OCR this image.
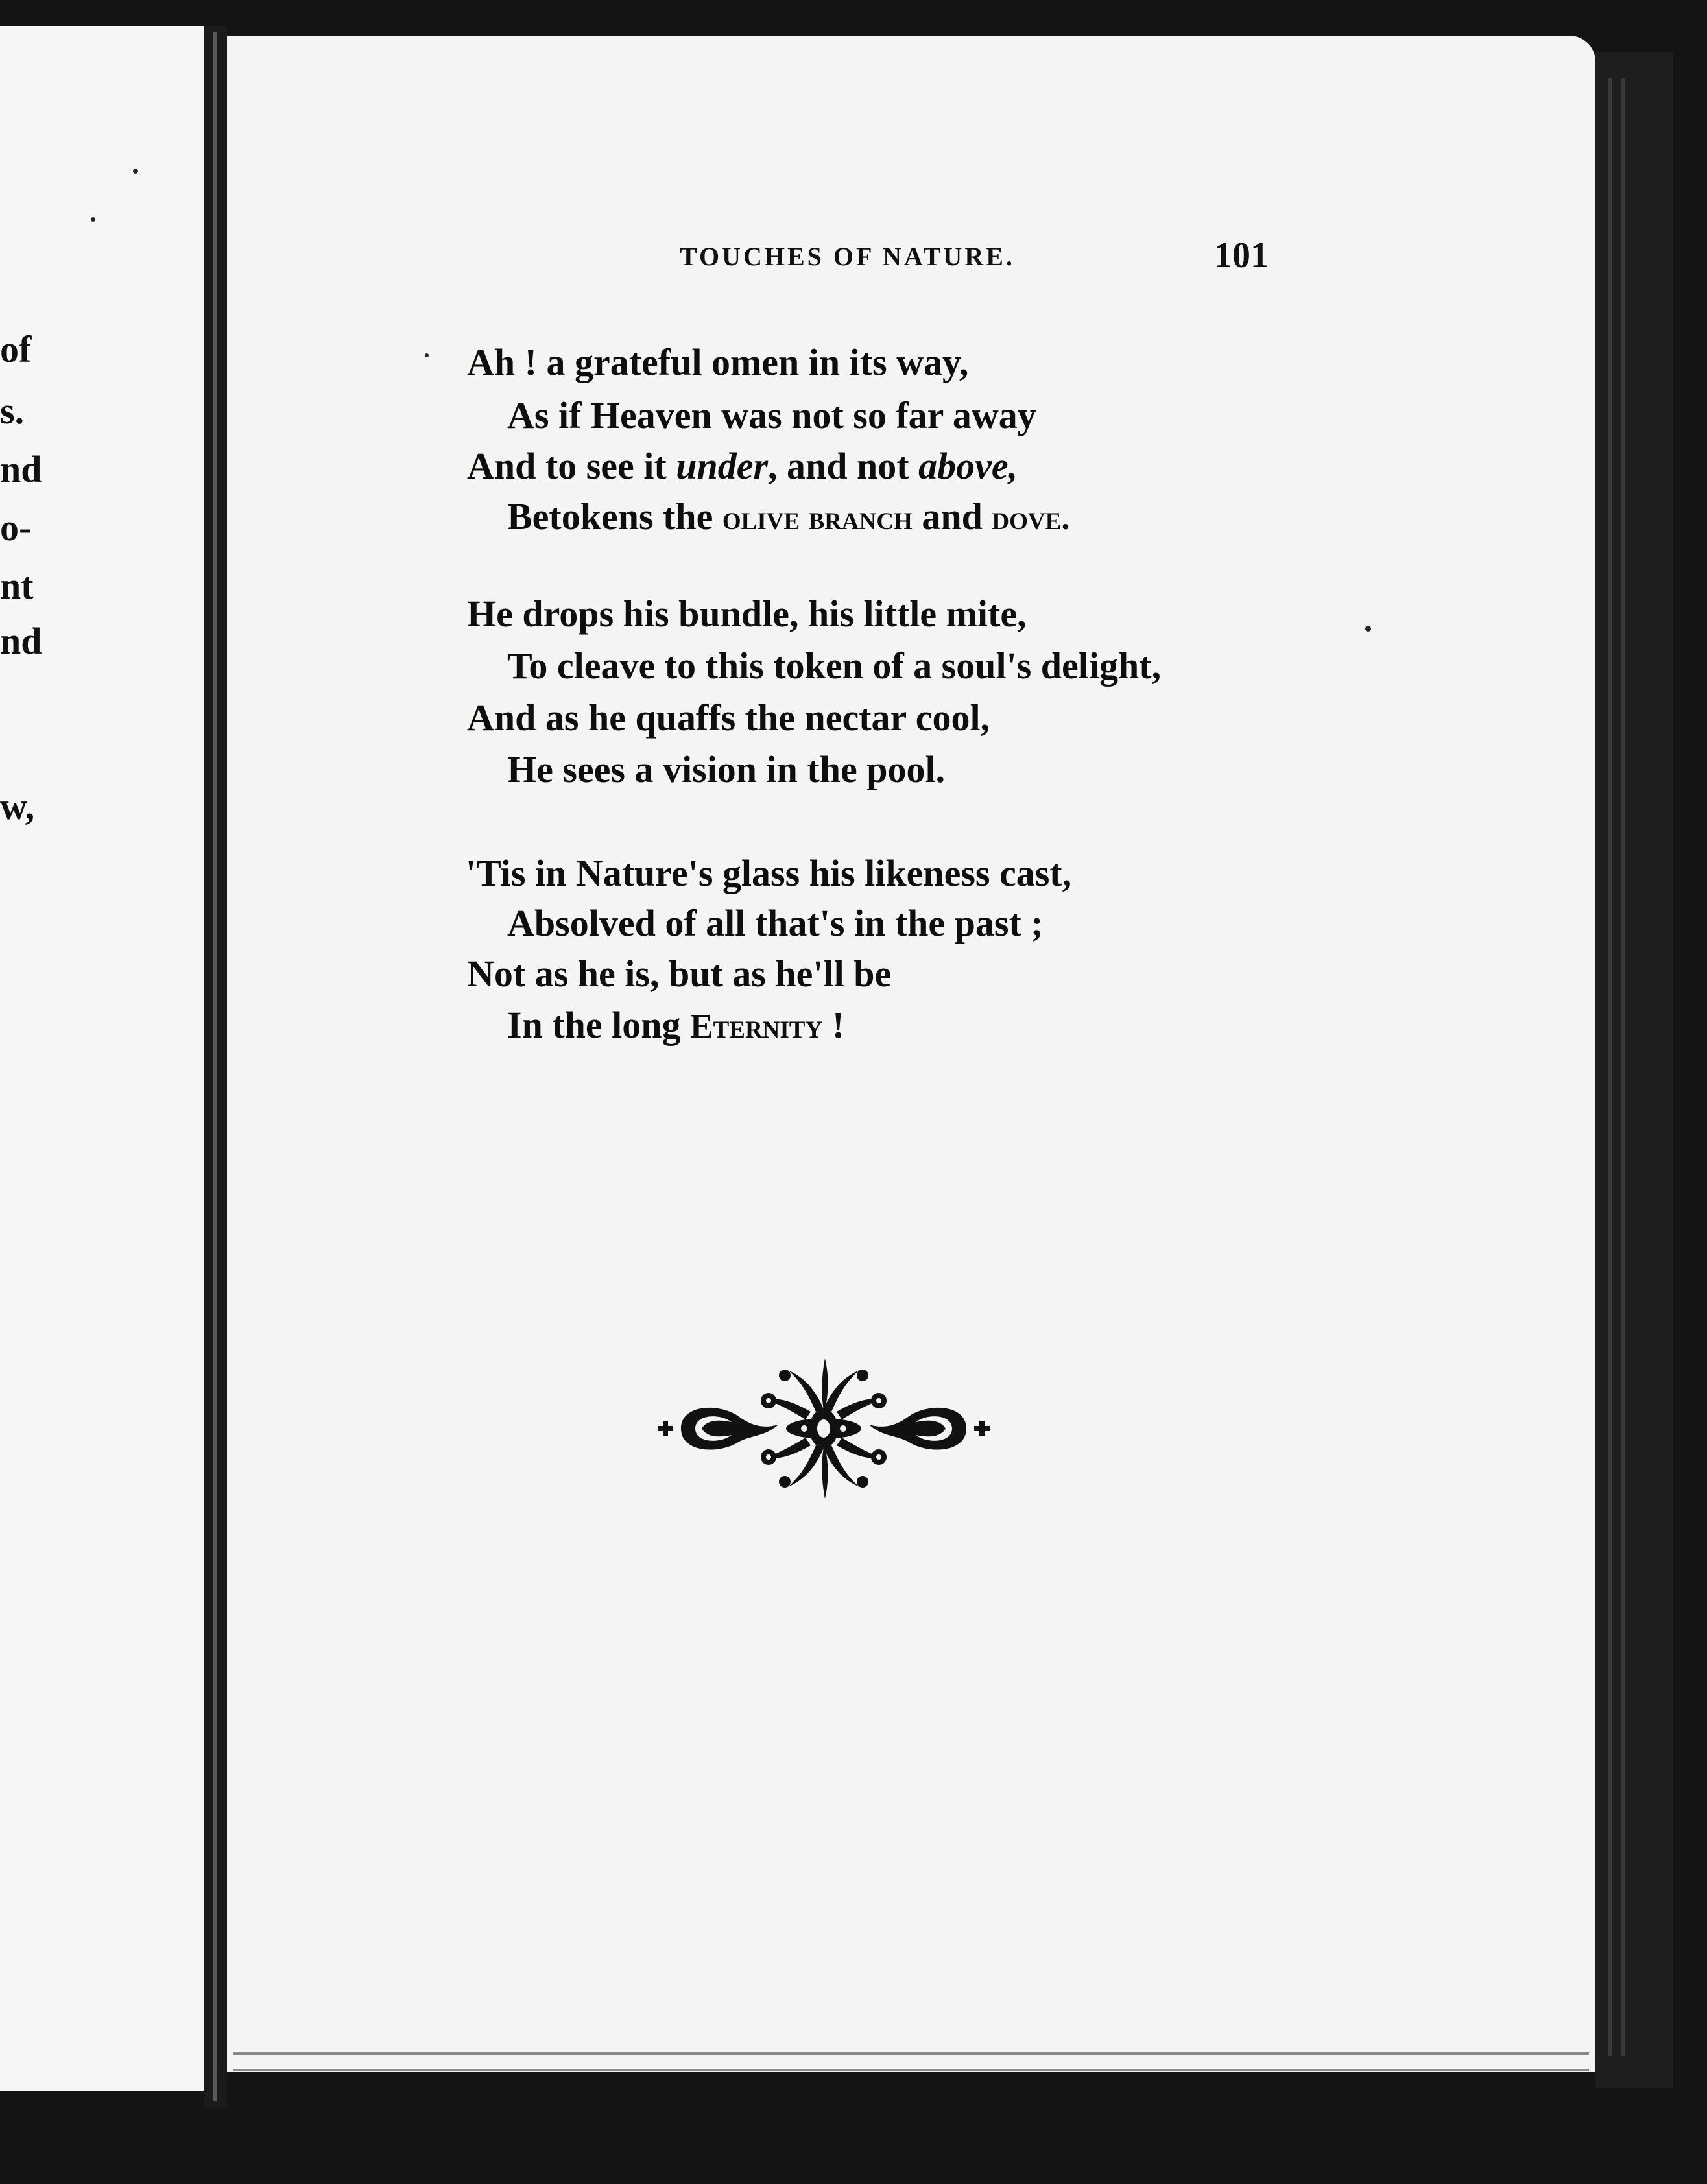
of
s.
nd
o-
nt
nd
w,
TOUCHES OF NATURE.	101
Ah ! a grateful omen in its way,
As if Heaven was not so far away
And to see it under, and not above,
Betokens the olive branch and dove.
He drops his bundle, his little mite,
To cleave to this token of a soul's delight,
And as he quaffs the nectar cool,
He sees a vision in the pool.
'Tis in Nature's glass his likeness cast,
Absolved of all that's in the past ;
Not as he is, but as he'll be
In the long Eternity !
